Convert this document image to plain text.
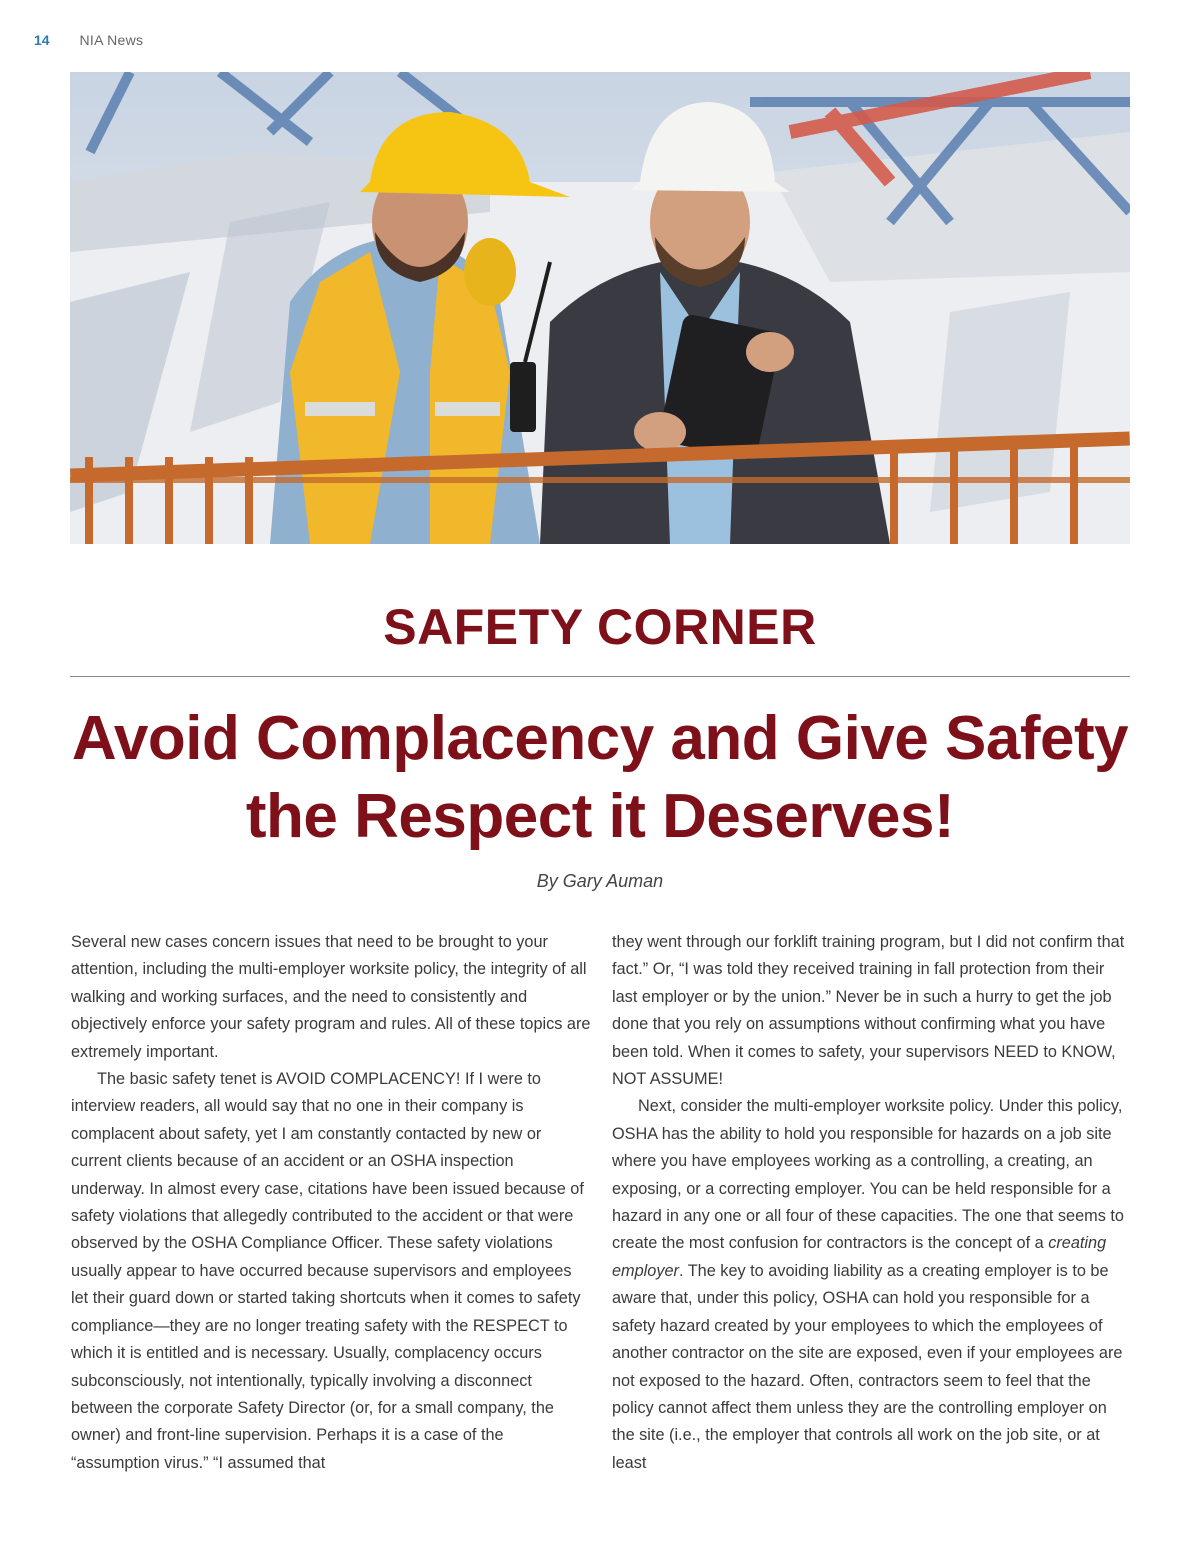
14 NIA News
SAFETY CORNER
Avoid Complacency and Give Safety the Respect it Deserves!
By Gary Auman

Several new cases concern issues that need to be brought to your attention, including the multi-employer worksite policy, the integrity of all walking and working surfaces, and the need to consistently and objectively enforce your safety program and rules. All of these topics are extremely important.

The basic safety tenet is AVOID COMPLACENCY! If I were to interview readers, all would say that no one in their company is complacent about safety, yet I am constantly contacted by new or current clients because of an accident or an OSHA inspection underway. In almost every case, citations have been issued because of safety violations that allegedly contributed to the accident or that were observed by the OSHA Compliance Officer. These safety violations usually appear to have occurred because supervisors and employees let their guard down or started taking shortcuts when it comes to safety compliance—they are no longer treating safety with the RESPECT to which it is entitled and is necessary. Usually, complacency occurs subconsciously, not intentionally, typically involving a disconnect between the corporate Safety Director (or, for a small company, the owner) and front-line supervision. Perhaps it is a case of the “assumption virus.” “I assumed that

they went through our forklift training program, but I did not confirm that fact.” Or, “I was told they received training in fall protection from their last employer or by the union.” Never be in such a hurry to get the job done that you rely on assumptions without confirming what you have been told. When it comes to safety, your supervisors NEED to KNOW, NOT ASSUME!

Next, consider the multi-employer worksite policy. Under this policy, OSHA has the ability to hold you responsible for hazards on a job site where you have employees working as a controlling, a creating, an exposing, or a correcting employer. You can be held responsible for a hazard in any one or all four of these capacities. The one that seems to create the most confusion for contractors is the concept of a creating employer. The key to avoiding liability as a creating employer is to be aware that, under this policy, OSHA can hold you responsible for a safety hazard created by your employees to which the employees of another contractor on the site are exposed, even if your employees are not exposed to the hazard. Often, contractors seem to feel that the policy cannot affect them unless they are the controlling employer on the site (i.e., the employer that controls all work on the job site, or at least
